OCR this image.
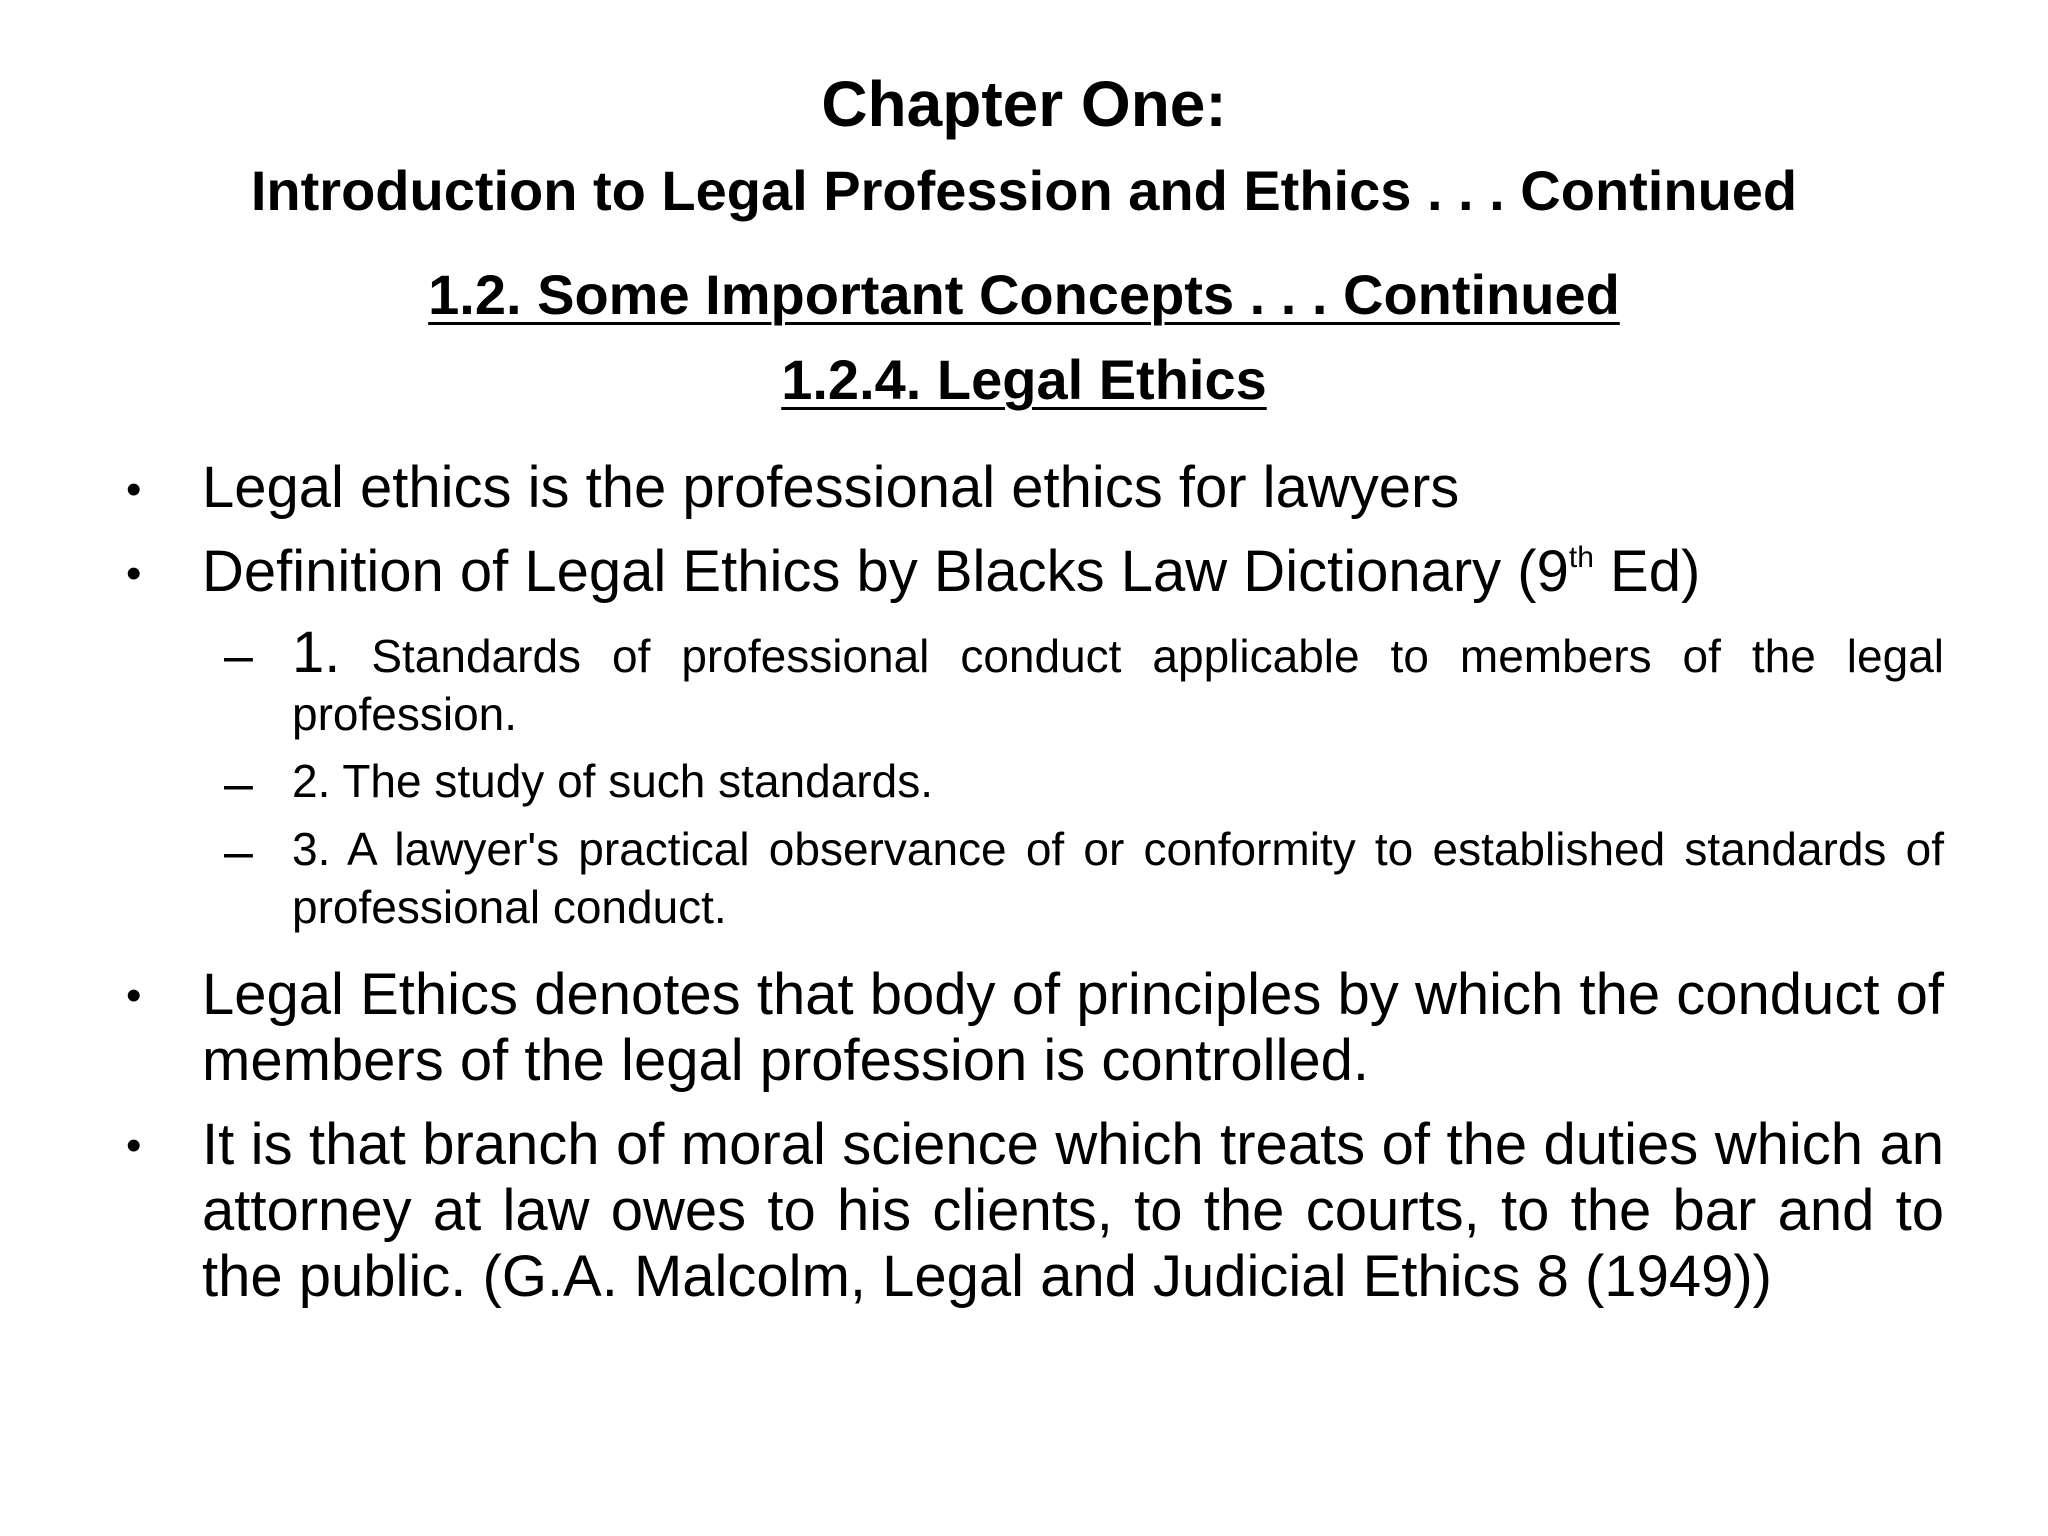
Chapter One:
Introduction to Legal Profession and Ethics . . . Continued
1.2. Some Important Concepts . . . Continued
1.2.4. Legal Ethics
• Legal ethics is the professional ethics for lawyers
• Definition of Legal Ethics by Blacks Law Dictionary (9th Ed)
– 1. Standards of professional conduct applicable to members of the legal profession.
– 2. The study of such standards.
– 3. A lawyer's practical observance of or conformity to established standards of professional conduct.
• Legal Ethics denotes that body of principles by which the conduct of members of the legal profession is controlled.
• It is that branch of moral science which treats of the duties which an attorney at law owes to his clients, to the courts, to the bar and to the public. (G.A. Malcolm, Legal and Judicial Ethics 8 (1949))
